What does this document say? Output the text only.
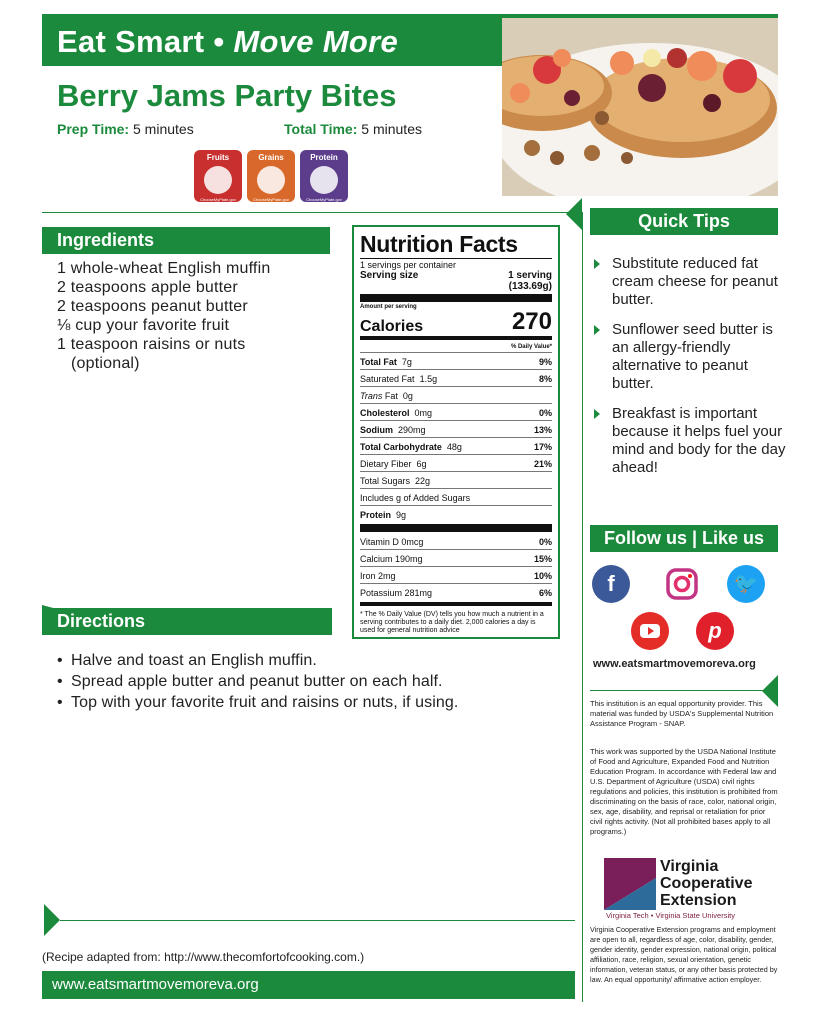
Eat Smart • Move More
Berry Jams Party Bites
Prep Time: 5 minutes	Total Time: 5 minutes
Fruits
ChooseMyPlate.gov
Grains
ChooseMyPlate.gov
Protein
ChooseMyPlate.gov
Ingredients
1 whole-wheat English muffin
2 teaspoons apple butter
2 teaspoons peanut butter
⅛ cup your favorite fruit
1 teaspoon raisins or nuts
(optional)
Nutrition Facts
1 servings per container
Serving size	1 serving
(133.69g)
Amount per serving
Calories	270
% Daily Value*
Total Fat 7g	9%
Saturated Fat 1.5g	8%
Trans Fat 0g
Cholesterol 0mg	0%
Sodium 290mg	13%
Total Carbohydrate 48g	17%
Dietary Fiber 6g	21%
Total Sugars 22g
Includes g of Added Sugars
Protein 9g
Vitamin D 0mcg	0%
Calcium 190mg	15%
Iron 2mg	10%
Potassium 281mg	6%
* The % Daily Value (DV) tells you how much a nutrient in a serving contributes to a daily diet. 2,000 calories a day is used for general nutrition advice
Quick Tips
Substitute reduced fat cream cheese for peanut butter.
Sunflower seed butter is an allergy-friendly alternative to peanut butter.
Breakfast is important because it helps fuel your mind and body for the day ahead!
Follow us | Like us
f	🐦
p
www.eatsmartmovemoreva.org
This institution is an equal opportunity provider. This material was funded by USDA's Supplemental Nutrition Assistance Program - SNAP.
This work was supported by the USDA National Institute of Food and Agriculture, Expanded Food and Nutrition Education Program. In accordance with Federal law and U.S. Department of Agriculture (USDA) civil rights regulations and policies, this institution is prohibited from discriminating on the basis of race, color, national origin, sex, age, disability, and reprisal or retaliation for prior civil rights activity. (Not all prohibited bases apply to all programs.)
Virginia
Cooperative
Extension
Virginia Tech • Virginia State University
Virginia Cooperative Extension programs and employment are open to all, regardless of age, color, disability, gender, gender identity, gender expression, national origin, political affiliation, race, religion, sexual orientation, genetic information, veteran status, or any other basis protected by law. An equal opportunity/ affirmative action employer.
Directions
• Halve and toast an English muffin.
• Spread apple butter and peanut butter on each half.
• Top with your favorite fruit and raisins or nuts, if using.
(Recipe adapted from: http://www.thecomfortofcooking.com.)
www.eatsmartmovemoreva.org
